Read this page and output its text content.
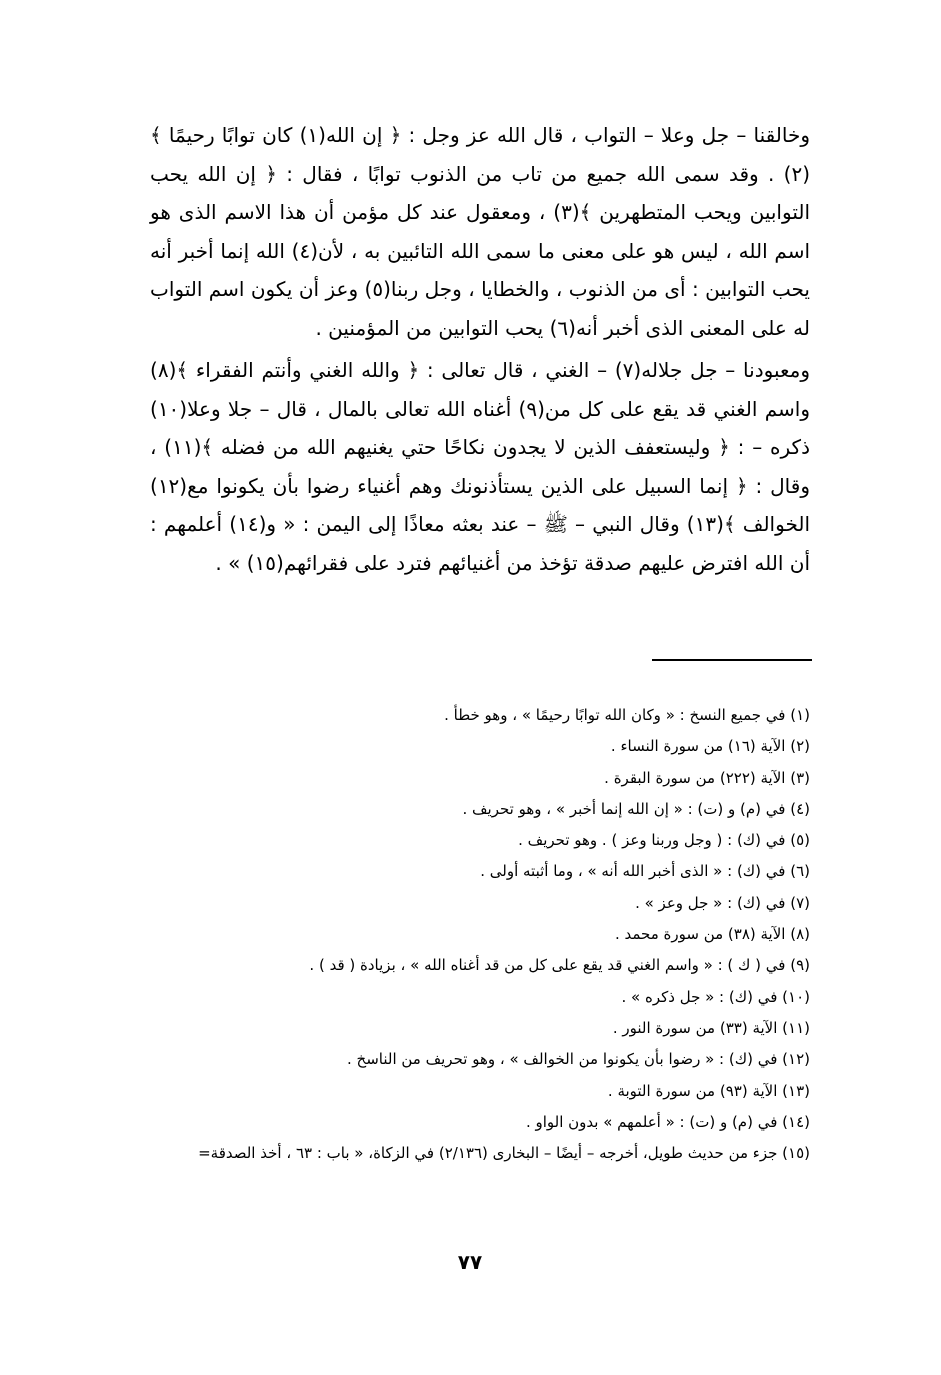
وخالقنا – جل وعلا – التواب ، قال الله عز وجل : ﴿ إن الله(١) كان توابًا رحيمًا ﴾(٢) . وقد سمى الله جميع من تاب من الذنوب توابًا ، فقال : ﴿ إن الله يحب التوابين ويحب المتطهرين ﴾(٣) ، ومعقول عند كل مؤمن أن هذا الاسم الذى هو اسم الله ، ليس هو على معنى ما سمى الله التائبين به ، لأن(٤) الله إنما أخبر أنه يحب التوابين : أى من الذنوب ، والخطايا ، وجل ربنا(٥) وعز أن يكون اسم التواب له على المعنى الذى أخبر أنه(٦) يحب التوابين من المؤمنين .

ومعبودنا – جل جلاله(٧) – الغني ، قال تعالى : ﴿ والله الغني وأنتم الفقراء ﴾(٨) واسم الغني قد يقع على كل من(٩) أغناه الله تعالى بالمال ، قال – جلا وعلا(١٠) ذكره – : ﴿ وليستعفف الذين لا يجدون نكاحًا حتي يغنيهم الله من فضله ﴾(١١) ، وقال : ﴿ إنما السبيل على الذين يستأذنونك وهم أغنياء رضوا بأن يكونوا مع(١٢) الخوالف ﴾(١٣) وقال النبي – ﷺ – عند بعثه معاذًا إلى اليمن : « و(١٤) أعلمهم : أن الله افترض عليهم صدقة تؤخذ من أغنيائهم فترد على فقرائهم(١٥) » .

(١) في جميع النسخ : « وكان الله توابًا رحيمًا » ، وهو خطأ .
(٢) الآية (١٦) من سورة النساء .
(٣) الآية (٢٢٢) من سورة البقرة .
(٤) في (م) و (ت) : « إن الله إنما أخبر » ، وهو تحريف .
(٥) في (ك) : ( وجل وربنا وعز ) . وهو تحريف .
(٦) في (ك) : « الذى أخبر الله أنه » ، وما أثبته أولى .
(٧) في (ك) : « جل وعز » .
(٨) الآية (٣٨) من سورة محمد .
(٩) في ( ك ) : « واسم الغني قد يقع على كل من قد أغناه الله » ، بزيادة ( قد ) .
(١٠) في (ك) : « جل ذكره » .
(١١) الآية (٣٣) من سورة النور .
(١٢) في (ك) : « رضوا بأن يكونوا من الخوالف » ، وهو تحريف من الناسخ .
(١٣) الآية (٩٣) من سورة التوبة .
(١٤) في (م) و (ت) : « أعلمهم » بدون الواو .
(١٥) جزء من حديث طويل، أخرجه – أيضًا – البخارى (٢/١٣٦) في الزكاة، « باب : ٦٣ ، أخذ الصدقة=
٧٧
